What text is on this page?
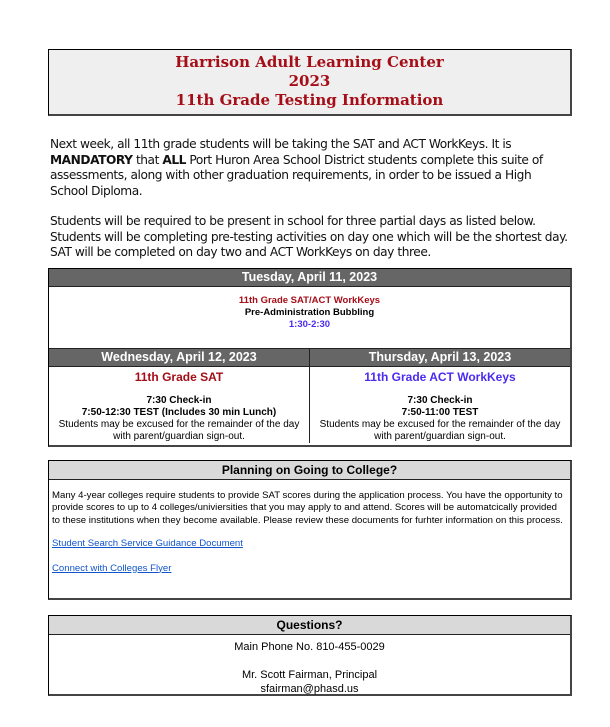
Harrison Adult Learning Center
2023
11th Grade Testing Information

Next week, all 11th grade students will be taking the SAT and ACT WorkKeys. It is MANDATORY that ALL Port Huron Area School District students complete this suite of assessments, along with other graduation requirements, in order to be issued a High School Diploma.

Students will be required to be present in school for three partial days as listed below. Students will be completing pre-testing activities on day one which will be the shortest day. SAT will be completed on day two and ACT WorkKeys on day three.

Tuesday, April 11, 2023
11th Grade SAT/ACT WorkKeys
Pre-Administration Bubbling
1:30-2:30
Wednesday, April 12, 2023
11th Grade SAT
7:30 Check-in
7:50-12:30 TEST (Includes 30 min Lunch)
Students may be excused for the remainder of the day with parent/guardian sign-out.
Thursday, April 13, 2023
11th Grade ACT WorkKeys
7:30 Check-in
7:50-11:00 TEST
Students may be excused for the remainder of the day with parent/guardian sign-out.
Planning on Going to College?

Many 4-year colleges require students to provide SAT scores during the application process. You have the opportunity to provide scores to up to 4 colleges/univiersities that you may apply to and attend. Scores will be automatcically provided to these institutions when they become available. Please review these documents for furhter information on this process.

Student Search Service Guidance Document
Connect with Colleges Flyer
Questions?
Main Phone No. 810-455-0029
Mr. Scott Fairman, Principal
sfairman@phasd.us
